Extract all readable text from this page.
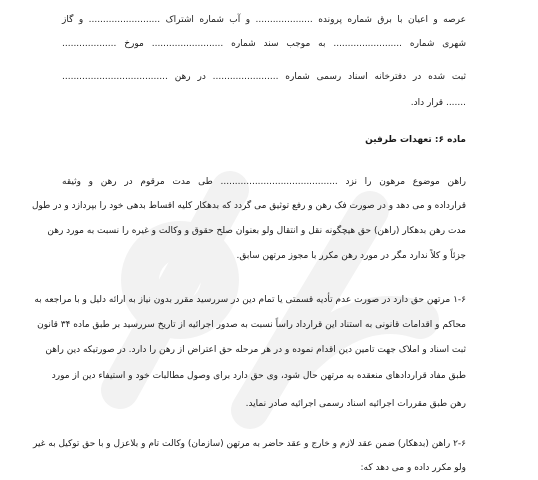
عرصه و اعیان با برق شماره پرونده .................... و آب شماره اشتراک ......................... و گاز
شهری شماره ........................ به موجب سند شماره ......................... مورخ ...................
ثبت شده در دفترخانه اسناد رسمی شماره ....................... در رهن .....................................
....... قرار داد.
ماده ۶: تعهدات طرفین
راهن موضوع مرهون را نزد ......................................... طی مدت مرقوم در رهن و وثیقه
قرارداده و می دهد و در صورت فک رهن و رفع توثیق می گردد که بدهکار کلیه اقساط بدهی خود را بپردازد و در طول
مدت رهن بدهکار (راهن) حق هیچگونه نقل و انتقال ولو بعنوان صلح حقوق و وکالت و غیره را نسبت به مورد رهن
جزئاً و کلاً ندارد مگر در مورد رهن مکرر با مجوز مرتهن سابق.
۱-۶ مرتهن حق دارد در صورت عدم تأدیه قسمتی یا تمام دین در سررسید مقرر بدون نیاز به ارائه دلیل و با مراجعه به
محاکم و اقدامات قانونی به استناد این قرارداد راساً نسبت به صدور اجرائیه از تاریخ سررسید بر طبق ماده ۳۴ قانون
ثبت اسناد و املاک جهت تامین دین اقدام نموده و در هر مرحله حق اعتراض از رهن را دارد. در صورتیکه دین راهن
طبق مفاد قراردادهای منعقده به مرتهن حال شود، وی حق دارد برای وصول مطالبات خود و استیفاء دین از مورد
رهن طبق مقررات اجرائیه اسناد رسمی اجرائیه صادر نماید.
۲-۶ راهن (بدهکار) ضمن عقد لازم و خارج و عقد حاضر به مرتهن (سازمان) وکالت تام و بلاعزل و با حق توکیل به غیر
ولو مکرر داده و می دهد که:
